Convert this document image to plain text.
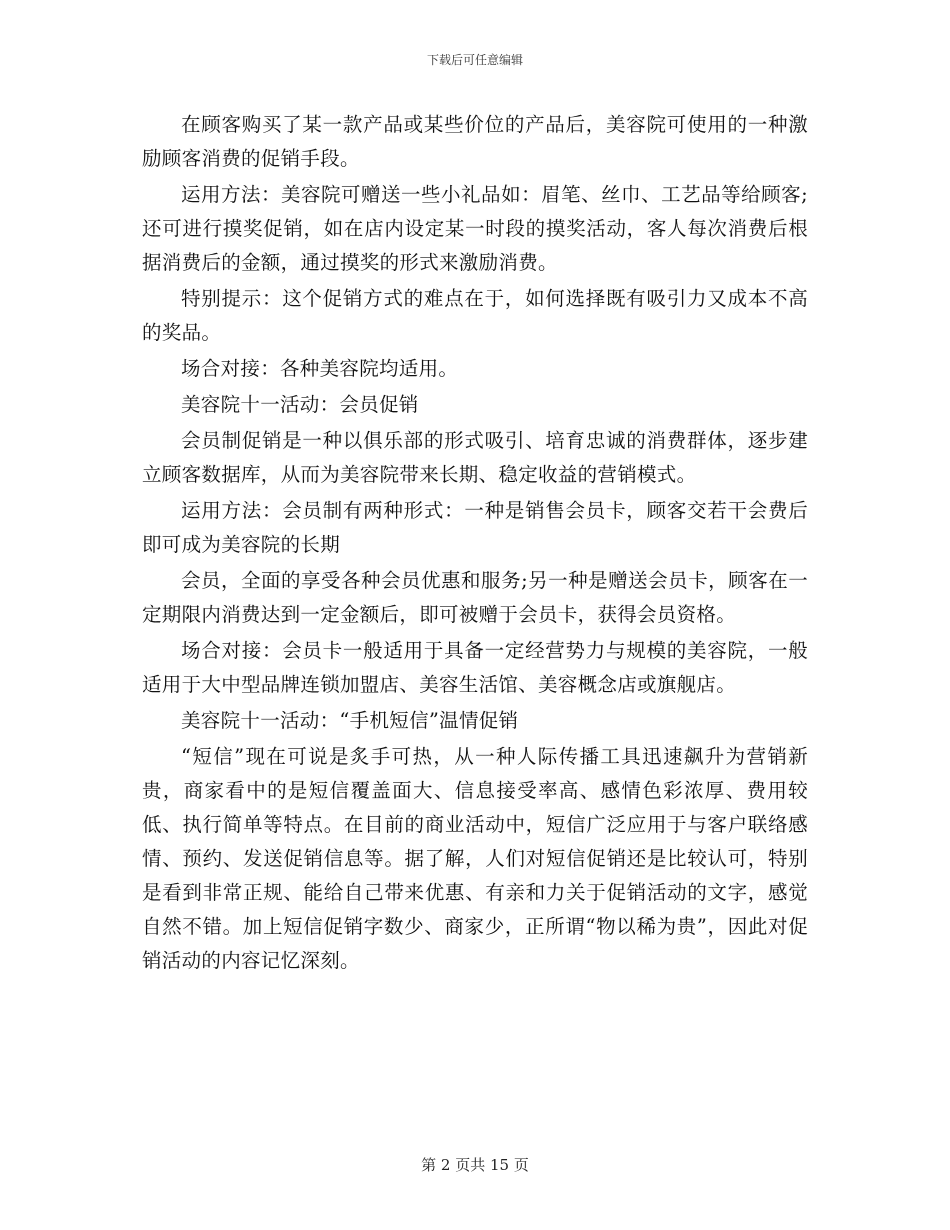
下载后可任意编辑

在顾客购买了某一款产品或某些价位的产品后，美容院可使用的一种激励顾客消费的促销手段。

运用方法：美容院可赠送一些小礼品如：眉笔、丝巾、工艺品等给顾客;还可进行摸奖促销，如在店内设定某一时段的摸奖活动，客人每次消费后根据消费后的金额，通过摸奖的形式来激励消费。

特别提示：这个促销方式的难点在于，如何选择既有吸引力又成本不高的奖品。

场合对接：各种美容院均适用。

美容院十一活动：会员促销

会员制促销是一种以俱乐部的形式吸引、培育忠诚的消费群体，逐步建立顾客数据库，从而为美容院带来长期、稳定收益的营销模式。

运用方法：会员制有两种形式：一种是销售会员卡，顾客交若干会费后即可成为美容院的长期

会员，全面的享受各种会员优惠和服务;另一种是赠送会员卡，顾客在一定期限内消费达到一定金额后，即可被赠于会员卡，获得会员资格。

场合对接：会员卡一般适用于具备一定经营势力与规模的美容院，一般适用于大中型品牌连锁加盟店、美容生活馆、美容概念店或旗舰店。

美容院十一活动：“手机短信”温情促销

“短信”现在可说是炙手可热，从一种人际传播工具迅速飙升为营销新贵，商家看中的是短信覆盖面大、信息接受率高、感情色彩浓厚、费用较低、执行简单等特点。在目前的商业活动中，短信广泛应用于与客户联络感情、预约、发送促销信息等。据了解，人们对短信促销还是比较认可，特别是看到非常正规、能给自己带来优惠、有亲和力关于促销活动的文字，感觉自然不错。加上短信促销字数少、商家少，正所谓“物以稀为贵”，因此对促销活动的内容记忆深刻。

第 2 页共 15 页
